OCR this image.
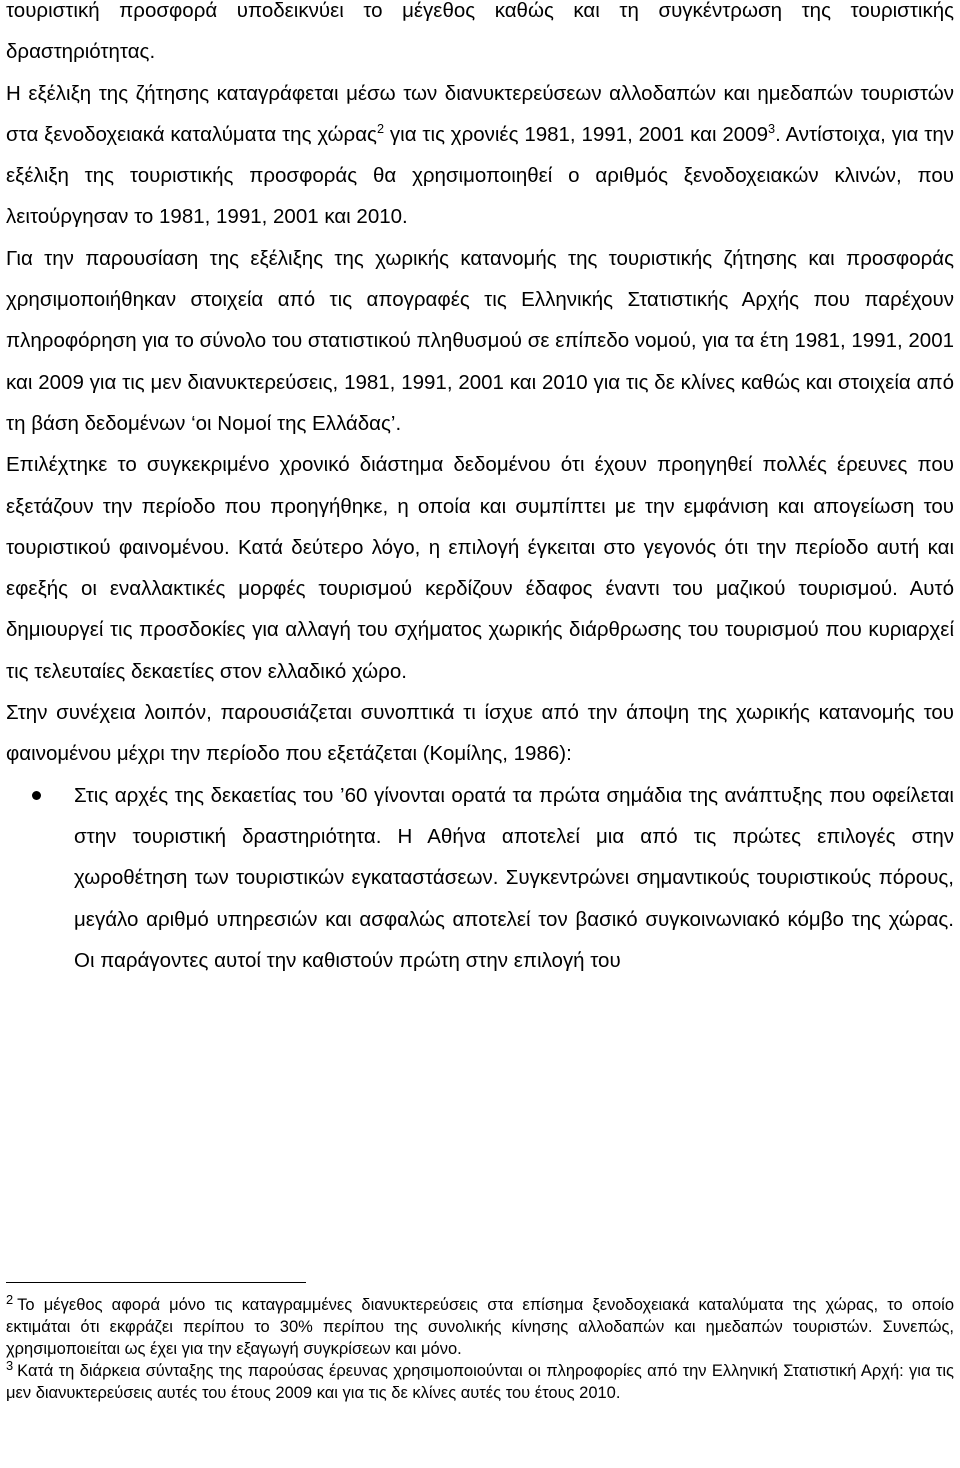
τουριστική προσφορά υποδεικνύει το μέγεθος καθώς και τη συγκέντρωση της τουριστικής δραστηριότητας.

Η εξέλιξη της ζήτησης καταγράφεται μέσω των διανυκτερεύσεων αλλοδαπών και ημεδαπών τουριστών στα ξενοδοχειακά καταλύματα της χώρας$^2$ για τις χρονιές 1981, 1991, 2001 και 2009$^3$. Αντίστοιχα, για την εξέλιξη της τουριστικής προσφοράς θα χρησιμοποιηθεί ο αριθμός ξενοδοχειακών κλινών, που λειτούργησαν το 1981, 1991, 2001 και 2010.

Για την παρουσίαση της εξέλιξης της χωρικής κατανομής της τουριστικής ζήτησης και προσφοράς χρησιμοποιήθηκαν στοιχεία από τις απογραφές τις Ελληνικής Στατιστικής Αρχής που παρέχουν πληροφόρηση για το σύνολο του στατιστικού πληθυσμού σε επίπεδο νομού, για τα έτη 1981, 1991, 2001 και 2009 για τις μεν διανυκτερεύσεις, 1981, 1991, 2001 και 2010 για τις δε κλίνες καθώς και στοιχεία από τη βάση δεδομένων ‘οι Νομοί της Ελλάδας’.

Επιλέχτηκε το συγκεκριμένο χρονικό διάστημα δεδομένου ότι έχουν προηγηθεί πολλές έρευνες που εξετάζουν την περίοδο που προηγήθηκε, η οποία και συμπίπτει με την εμφάνιση και απογείωση του τουριστικού φαινομένου. Κατά δεύτερο λόγο, η επιλογή έγκειται στο γεγονός ότι την περίοδο αυτή και εφεξής οι εναλλακτικές μορφές τουρισμού κερδίζουν έδαφος έναντι του μαζικού τουρισμού. Αυτό δημιουργεί τις προσδοκίες για αλλαγή του σχήματος χωρικής διάρθρωσης του τουρισμού που κυριαρχεί τις τελευταίες δεκαετίες στον ελλαδικό χώρο.

Στην συνέχεια λοιπόν, παρουσιάζεται συνοπτικά τι ίσχυε από την άποψη της χωρικής κατανομής του φαινομένου μέχρι την περίοδο που εξετάζεται (Κομίλης, 1986):

Στις αρχές της δεκαετίας του ’60 γίνονται ορατά τα πρώτα σημάδια της ανάπτυξης που οφείλεται στην τουριστική δραστηριότητα. Η Αθήνα αποτελεί μια από τις πρώτες επιλογές στην χωροθέτηση των τουριστικών εγκαταστάσεων. Συγκεντρώνει σημαντικούς τουριστικούς πόρους, μεγάλο αριθμό υπηρεσιών και ασφαλώς αποτελεί τον βασικό συγκοινωνιακό κόμβο της χώρας. Οι παράγοντες αυτοί την καθιστούν πρώτη στην επιλογή του

$^2$ Το μέγεθος αφορά μόνο τις καταγραμμένες διανυκτερεύσεις στα επίσημα ξενοδοχειακά καταλύματα της χώρας, το οποίο εκτιμάται ότι εκφράζει περίπου το 30% περίπου της συνολικής κίνησης αλλοδαπών και ημεδαπών τουριστών. Συνεπώς, χρησιμοποιείται ως έχει για την εξαγωγή συγκρίσεων και μόνο.

$^3$ Κατά τη διάρκεια σύνταξης της παρούσας έρευνας χρησιμοποιούνται οι πληροφορίες από την Ελληνική Στατιστική Αρχή: για τις μεν διανυκτερεύσεις αυτές του έτους 2009 και για τις δε κλίνες αυτές του έτους 2010.
